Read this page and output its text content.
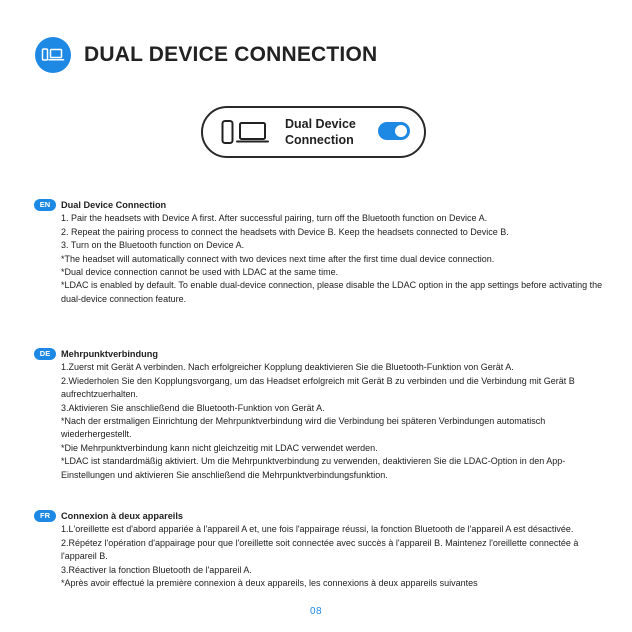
DUAL DEVICE CONNECTION
Dual Device
Connection
EN	Dual Device Connection
1. Pair the headsets with Device A first. After successful pairing, turn off the Bluetooth function on Device A.
2. Repeat the pairing process to connect the headsets with Device B. Keep the headsets connected to Device B.
3. Turn on the Bluetooth function on Device A.
*The headset will automatically connect with two devices next time after the first time dual device connection.
*Dual device connection cannot be used with LDAC at the same time.
*LDAC is enabled by default. To enable dual-device connection, please disable the LDAC option in the app settings before activating the dual-device connection feature.
DE	Mehrpunktverbindung
1.Zuerst mit Gerät A verbinden. Nach erfolgreicher Kopplung deaktivieren Sie die Bluetooth-Funktion von Gerät A.
2.Wiederholen Sie den Kopplungsvorgang, um das Headset erfolgreich mit Gerät B zu verbinden und die Verbindung mit Gerät B aufrechtzuerhalten.
3.Aktivieren Sie anschließend die Bluetooth-Funktion von Gerät A.
*Nach der erstmaligen Einrichtung der Mehrpunktverbindung wird die Verbindung bei späteren Verbindungen automatisch wiederhergestellt.
*Die Mehrpunktverbindung kann nicht gleichzeitig mit LDAC verwendet werden.
*LDAC ist standardmäßig aktiviert. Um die Mehrpunktverbindung zu verwenden, deaktivieren Sie die LDAC-Option in den App-Einstellungen und aktivieren Sie anschließend die Mehrpunktverbindungsfunktion.
FR	Connexion à deux appareils
1.L'oreillette est d'abord appariée à l'appareil A et, une fois l'appairage réussi, la fonction Bluetooth de l'appareil A est désactivée.
2.Répétez l'opération d'appairage pour que l'oreillette soit connectée avec succès à l'appareil B. Maintenez l'oreillette connectée à l'appareil B.
3.Réactiver la fonction Bluetooth de l'appareil A.
*Après avoir effectué la première connexion à deux appareils, les connexions à deux appareils suivantes
08
